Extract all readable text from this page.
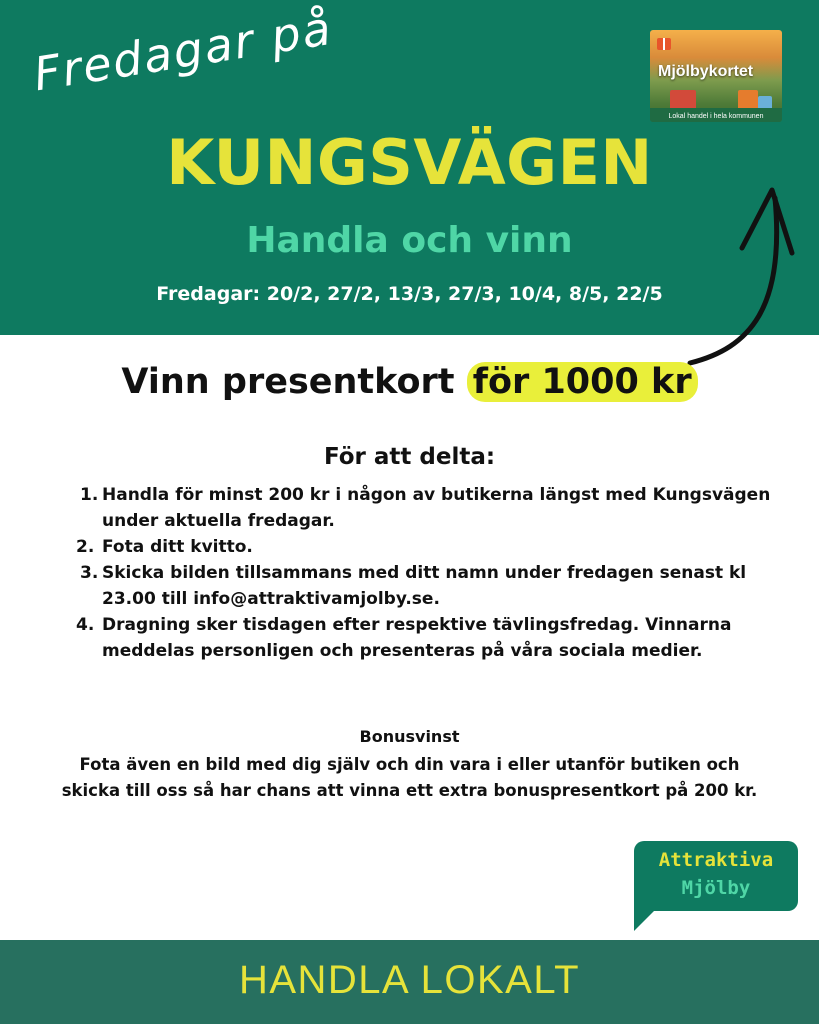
Fredagar på	Mjölbykortet
Lokal handel i hela kommunen
KUNGSVÄGEN
Handla och vinn
Fredagar: 20/2, 27/2, 13/3, 27/3, 10/4, 8/5, 22/5
Vinn presentkort för 1000 kr
För att delta:
1. Handla för minst 200 kr i någon av butikerna längst med Kungsvägen under aktuella fredagar.
2. Fota ditt kvitto.
3. Skicka bilden tillsammans med ditt namn under fredagen senast kl 23.00 till info@attraktivamjolby.se.
4. Dragning sker tisdagen efter respektive tävlingsfredag. Vinnarna meddelas personligen och presenteras på våra sociala medier.
Bonusvinst
Fota även en bild med dig själv och din vara i eller utanför butiken och skicka till oss så har chans att vinna ett extra bonuspresentkort på 200 kr.
Attraktiva
Mjölby
HANDLA LOKALT
